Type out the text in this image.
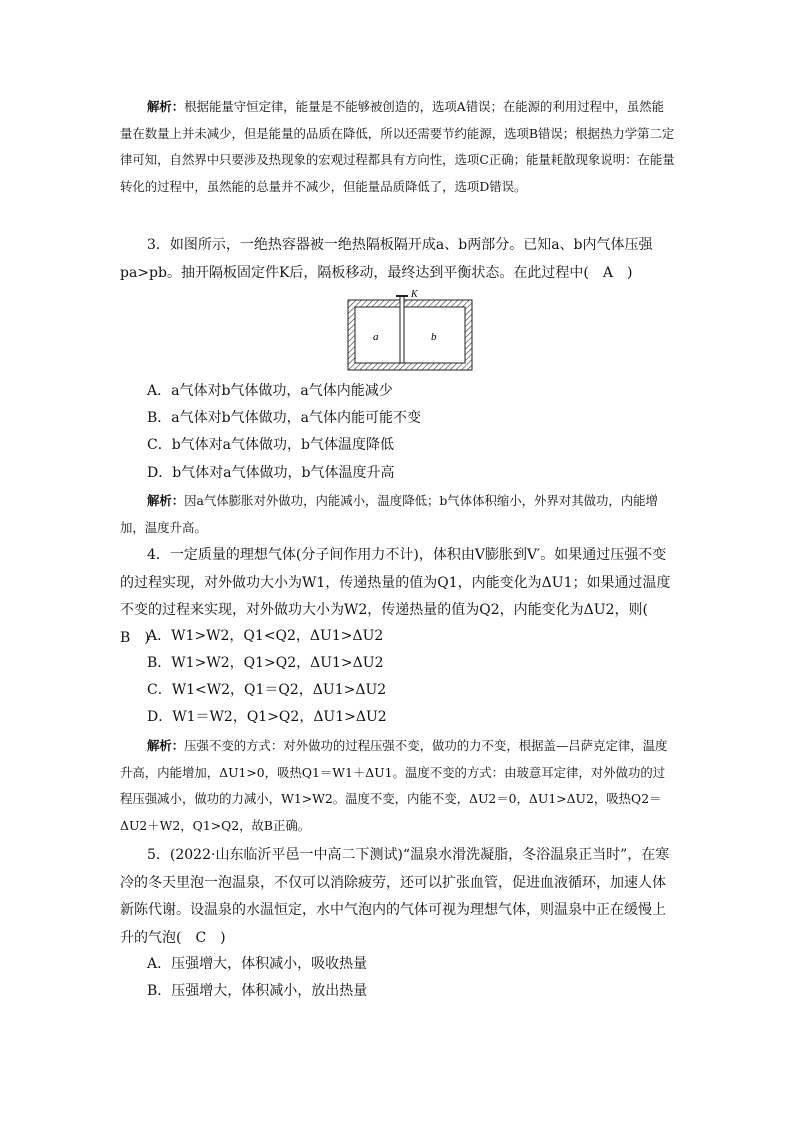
解析：根据能量守恒定律，能量是不能够被创造的，选项A错误；在能源的利用过程中，虽然能量在数量上并未减少，但是能量的品质在降低，所以还需要节约能源，选项B错误；根据热力学第二定律可知，自然界中只要涉及热现象的宏观过程都具有方向性，选项C正确；能量耗散现象说明：在能量转化的过程中，虽然能的总量并不减少，但能量品质降低了，选项D错误。

3．如图所示，一绝热容器被一绝热隔板隔开成a、b两部分。已知a、b内气体压强pa>pb。抽开隔板固定件K后，隔板移动，最终达到平衡状态。在此过程中(　A　)

K
a	b

A．a气体对b气体做功，a气体内能减少

B．a气体对b气体做功，a气体内能可能不变

C．b气体对a气体做功，b气体温度降低

D．b气体对a气体做功，b气体温度升高

解析：因a气体膨胀对外做功，内能减小，温度降低；b气体体积缩小，外界对其做功，内能增加，温度升高。

4．一定质量的理想气体(分子间作用力不计)，体积由V膨胀到V′。如果通过压强不变的过程实现，对外做功大小为W1，传递热量的值为Q1，内能变化为ΔU1；如果通过温度不变的过程来实现，对外做功大小为W2，传递热量的值为Q2，内能变化为ΔU2，则(　B　)

A．W1>W2，Q1<Q2，ΔU1>ΔU2

B．W1>W2，Q1>Q2，ΔU1>ΔU2

C．W1<W2，Q1＝Q2，ΔU1>ΔU2

D．W1＝W2，Q1>Q2，ΔU1>ΔU2

解析：压强不变的方式：对外做功的过程压强不变，做功的力不变，根据盖—吕萨克定律，温度升高，内能增加，ΔU1>0，吸热Q1＝W1＋ΔU1。温度不变的方式：由玻意耳定律，对外做功的过程压强减小，做功的力减小，W1>W2。温度不变，内能不变，ΔU2＝0，ΔU1>ΔU2，吸热Q2＝ΔU2＋W2，Q1>Q2，故B正确。

5．(2022·山东临沂平邑一中高二下测试)“温泉水滑洗凝脂，冬浴温泉正当时”，在寒冷的冬天里泡一泡温泉，不仅可以消除疲劳，还可以扩张血管，促进血液循环，加速人体新陈代谢。设温泉的水温恒定，水中气泡内的气体可视为理想气体，则温泉中正在缓慢上升的气泡(　C　)

A．压强增大，体积减小，吸收热量

B．压强增大，体积减小，放出热量
